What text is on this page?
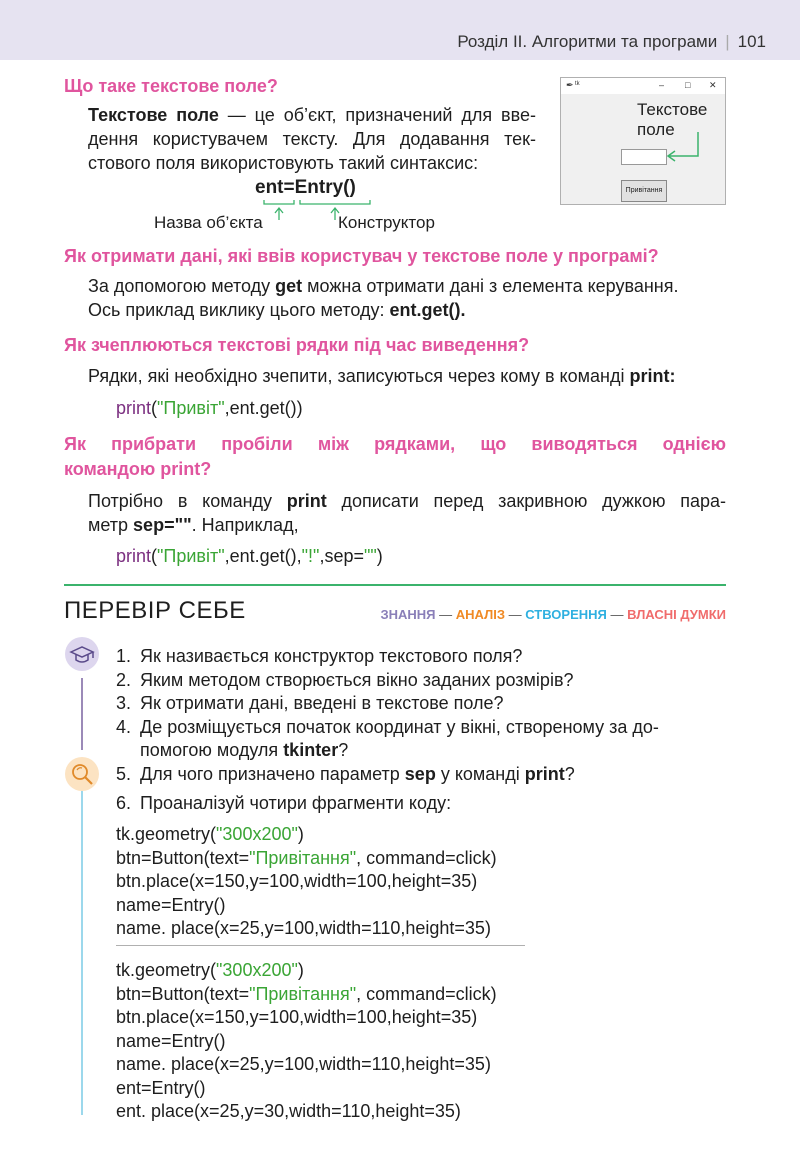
Розділ ІІ. Алгоритми та програми | 101
Що таке текстове поле?
Текстове поле — це об’єкт, призначений для вве-
дення користувачем тексту. Для додавання тек-
стового поля використовують такий синтаксис:
ent=Entry()
Назва об’єкта	Конструктор
✒ tk	– □ ✕
Текстове
поле
Привітання
Як отримати дані, які ввів користувач у текстове поле у програмі?
За допомогою методу get можна отримати дані з елемента керування.
Ось приклад виклику цього методу: ent.get().
Як зчеплюються текстові рядки під час виведення?
Рядки, які необхідно зчепити, записуються через кому в команді print:
print("Привіт",ent.get())
Як прибрати пробіли між рядками, що виводяться однією
командою print?
Потрібно в команду print дописати перед закривною дужкою пара-
метр sep="". Наприклад,
print("Привіт",ent.get(),"!",sep="")
ПЕРЕВІР СЕБЕ	ЗНАННЯ — АНАЛІЗ — СТВОРЕННЯ — ВЛАСНІ ДУМКИ
1. Як називається конструктор текстового поля?
2. Яким методом створюється вікно заданих розмірів?
3. Як отримати дані, введені в текстове поле?
4. Де розміщується початок координат у вікні, створеному за до-
помогою модуля tkinter?
5. Для чого призначено параметр sep у команді print?
6. Проаналізуй чотири фрагменти коду:
tk.geometry("300x200")
btn=Button(text="Привітання", command=click)
btn.place(x=150,y=100,width=100,height=35)
name=Entry()
name. place(x=25,y=100,width=110,height=35)
tk.geometry("300x200")
btn=Button(text="Привітання", command=click)
btn.place(x=150,y=100,width=100,height=35)
name=Entry()
name. place(x=25,y=100,width=110,height=35)
ent=Entry()
ent. place(x=25,y=30,width=110,height=35)
